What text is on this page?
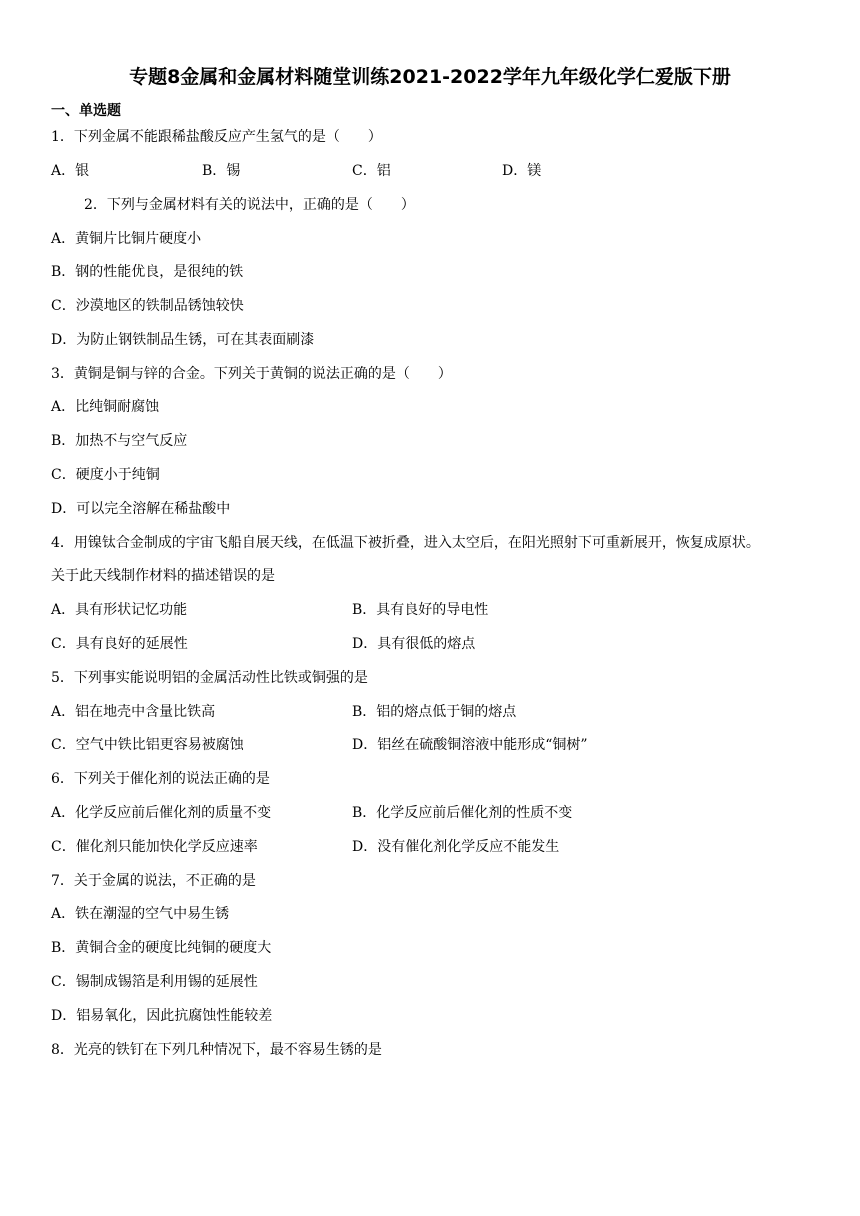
专题8金属和金属材料随堂训练2021-2022学年九年级化学仁爱版下册
一、单选题
1．下列金属不能跟稀盐酸反应产生氢气的是（　　）
A．银	B．锡	C．铝	D．镁
2．下列与金属材料有关的说法中，正确的是（　　）
A．黄铜片比铜片硬度小
B．钢的性能优良，是很纯的铁
C．沙漠地区的铁制品锈蚀较快
D．为防止钢铁制品生锈，可在其表面刷漆
3．黄铜是铜与锌的合金。下列关于黄铜的说法正确的是（　　）
A．比纯铜耐腐蚀
B．加热不与空气反应
C．硬度小于纯铜
D．可以完全溶解在稀盐酸中
4．用镍钛合金制成的宇宙飞船自展天线，在低温下被折叠，进入太空后，在阳光照射下可重新展开，恢复成原状。
关于此天线制作材料的描述错误的是
A．具有形状记忆功能	B．具有良好的导电性
C．具有良好的延展性	D．具有很低的熔点
5．下列事实能说明铝的金属活动性比铁或铜强的是
A．铝在地壳中含量比铁高	B．铝的熔点低于铜的熔点
C．空气中铁比铝更容易被腐蚀	D．铝丝在硫酸铜溶液中能形成“铜树”
6．下列关于催化剂的说法正确的是
A．化学反应前后催化剂的质量不变	B．化学反应前后催化剂的性质不变
C．催化剂只能加快化学反应速率	D．没有催化剂化学反应不能发生
7．关于金属的说法，不正确的是
A．铁在潮湿的空气中易生锈
B．黄铜合金的硬度比纯铜的硬度大
C．锡制成锡箔是利用锡的延展性
D．铝易氧化，因此抗腐蚀性能较差
8．光亮的铁钉在下列几种情况下，最不容易生锈的是
